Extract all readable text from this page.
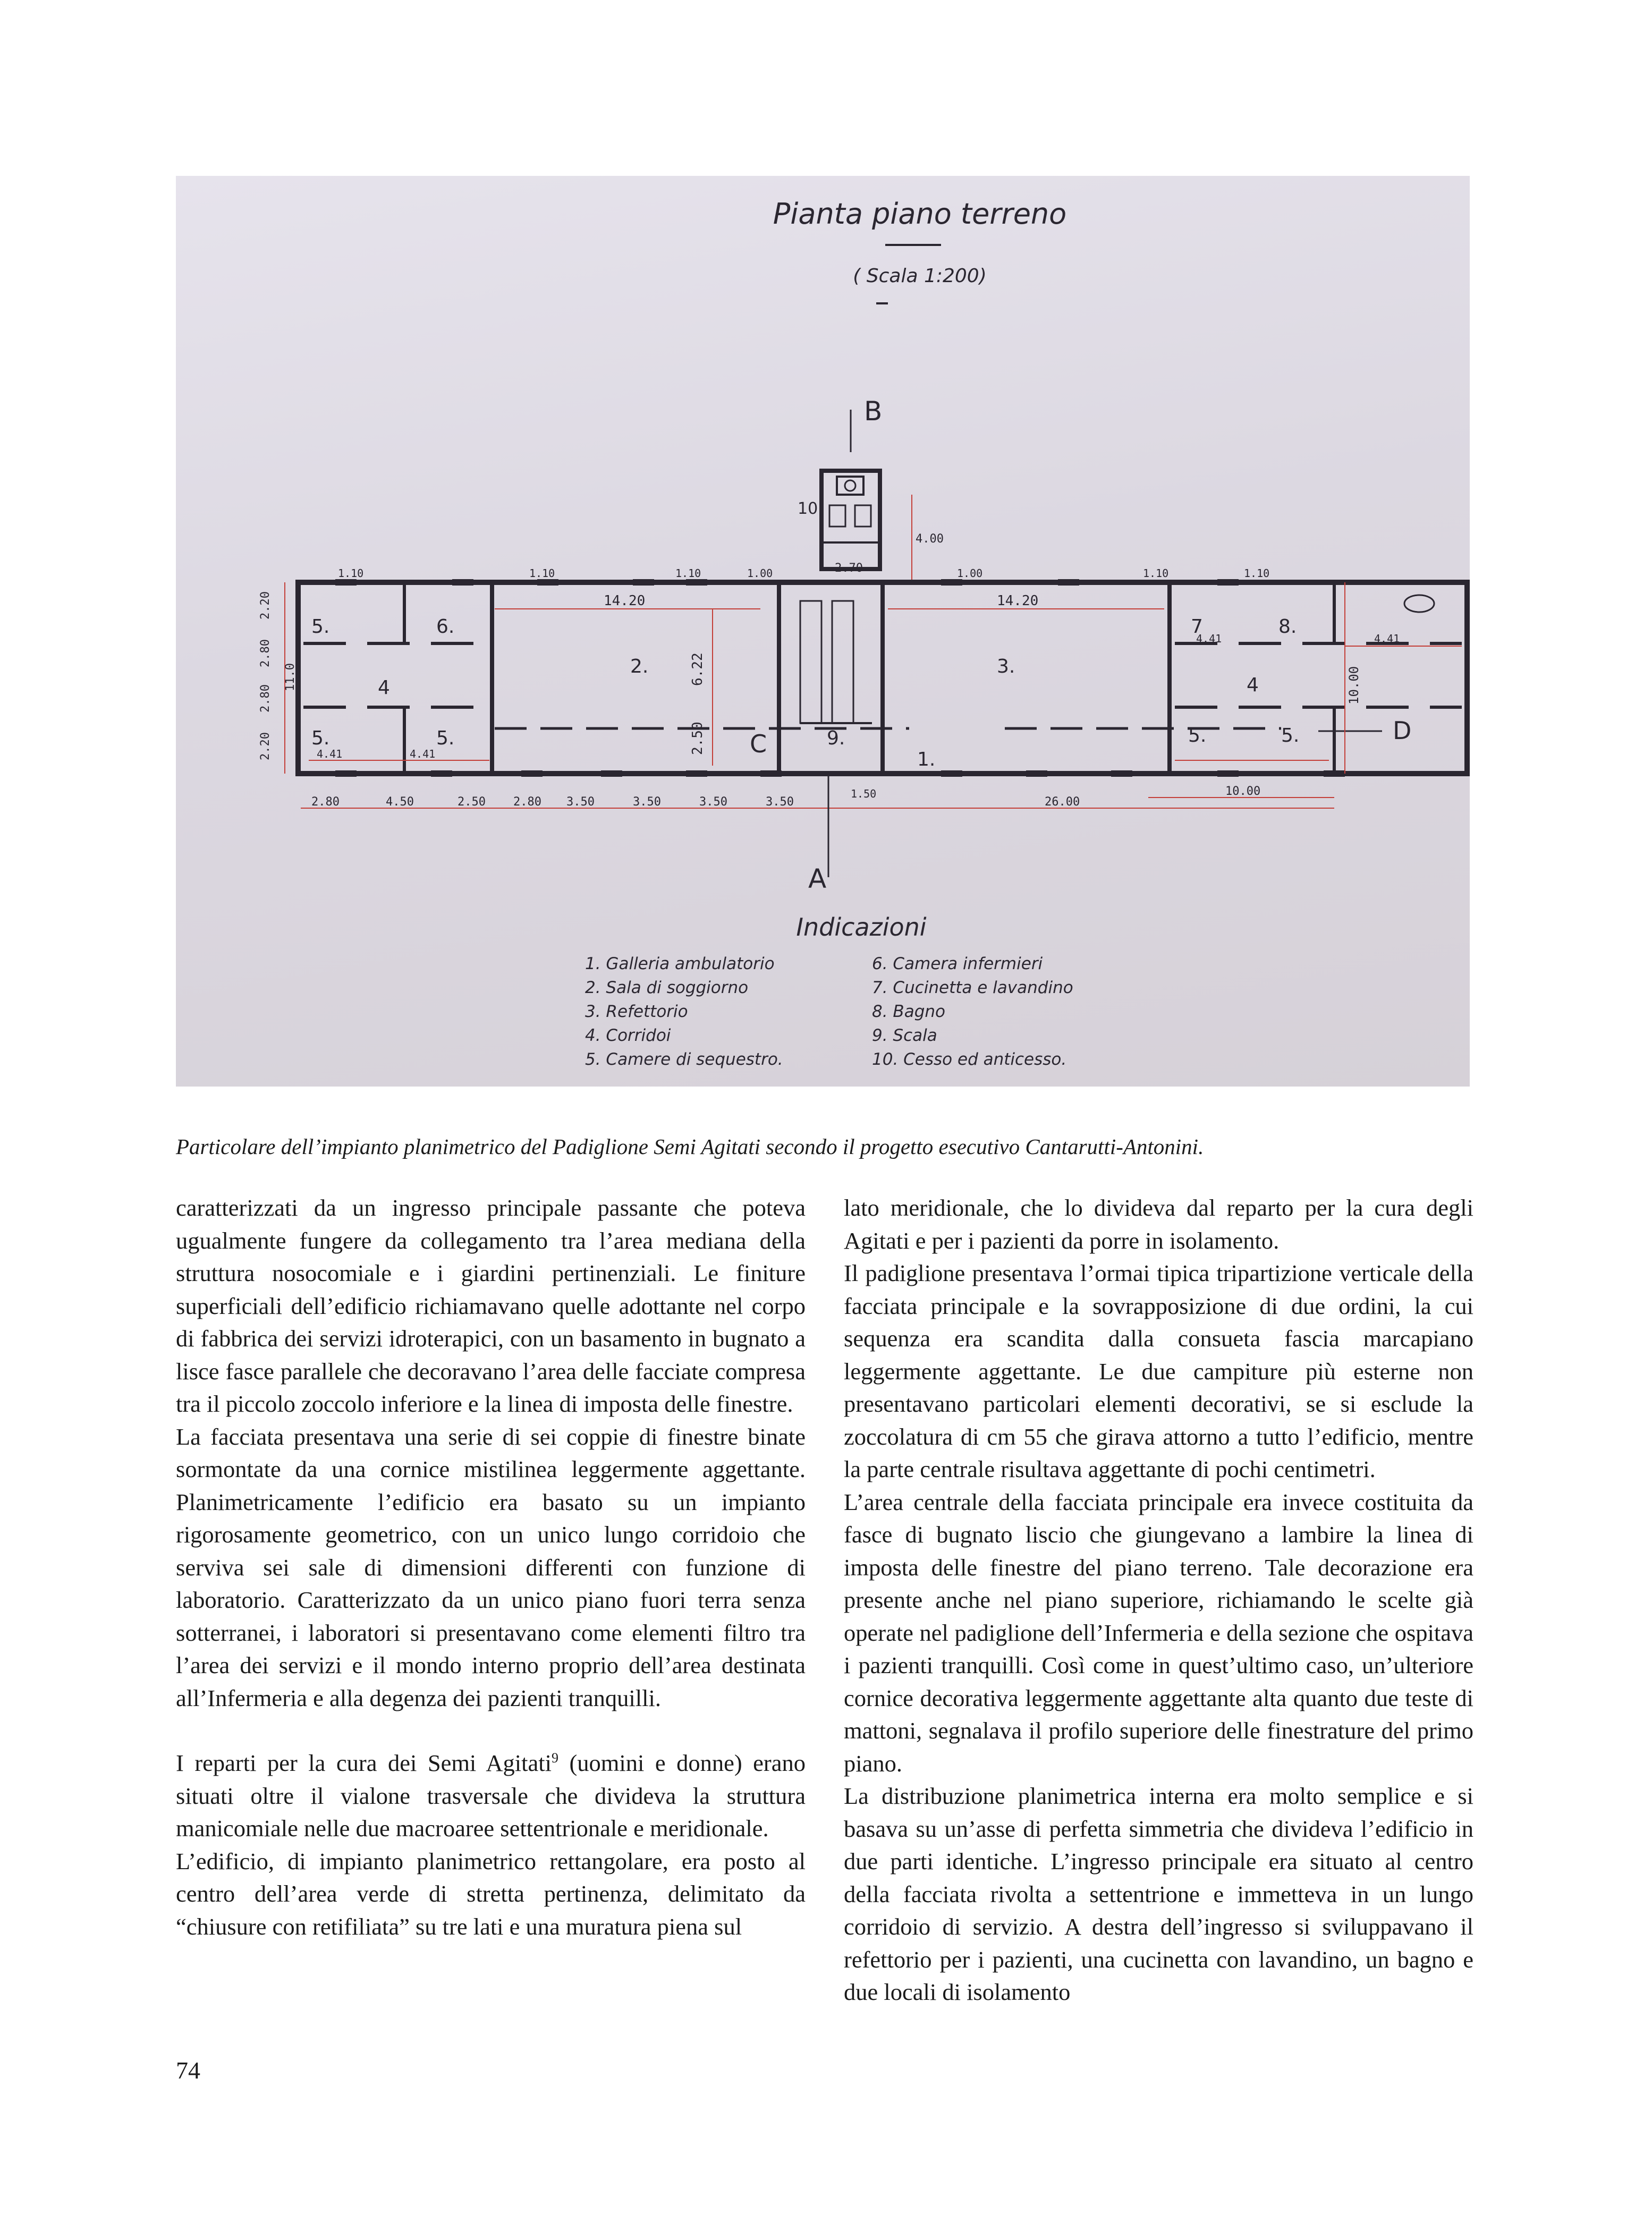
Pianta piano terreno
( Scala 1:200)
B
10.
4.00
2.70
1.10	1.10	1.10	1.00	1.00	1.10	1.10
14.20	14.20
6.22
2.50
4.41	4.41
4.41	4.41
1.50
1.
2.	3.
4	4
5.
5.	5.	5.	5.
6.	7	8.
9.
C	D
2.20
2.80
2.80
2.20
11.0	10.00
2.80	4.50	2.50 2.80 3.50	3.50	3.50	3.50	26.00
10.00
A
Indicazioni
1. Galleria ambulatorio
2. Sala di soggiorno
3. Refettorio
4. Corridoi
5. Camere di sequestro.
6. Camera infermieri
7. Cucinetta e lavandino
8. Bagno
9. Scala
10. Cesso ed anticesso.
Particolare dell’impianto planimetrico del Padiglione Semi Agitati secondo il progetto esecutivo Cantarutti-Antonini.

caratterizzati da un ingresso principale passante che poteva ugualmente fungere da collegamento tra l’area mediana della struttura nosocomiale e i giardini pertinenziali. Le finiture superficiali dell’edificio richiamavano quelle adottante nel corpo di fabbrica dei servizi idroterapici, con un basamento in bugnato a lisce fasce parallele che decoravano l’area delle facciate compresa tra il piccolo zoccolo inferiore e la linea di imposta delle finestre.

La facciata presentava una serie di sei coppie di finestre binate sormontate da una cornice mistilinea leggermente aggettante. Planimetricamente l’edificio era basato su un impianto rigorosamente geometrico, con un unico lungo corridoio che serviva sei sale di dimensioni differenti con funzione di laboratorio. Caratterizzato da un unico piano fuori terra senza sotterranei, i laboratori si presentavano come elementi filtro tra l’area dei servizi e il mondo interno proprio dell’area destinata all’Infermeria e alla degenza dei pazienti tranquilli.

I reparti per la cura dei Semi Agitati$^9$ (uomini e donne) erano situati oltre il vialone trasversale che divideva la struttura manicomiale nelle due macroaree settentrionale e meridionale.

L’edificio, di impianto planimetrico rettangolare, era posto al centro dell’area verde di stretta pertinenza, delimitato da “chiusure con retifiliata” su tre lati e una muratura piena sul

lato meridionale, che lo divideva dal reparto per la cura degli Agitati e per i pazienti da porre in isolamento.

Il padiglione presentava l’ormai tipica tripartizione verticale della facciata principale e la sovrapposizione di due ordini, la cui sequenza era scandita dalla consueta fascia marcapiano leggermente aggettante. Le due campiture più esterne non presentavano particolari elementi decorativi, se si esclude la zoccolatura di cm 55 che girava attorno a tutto l’edificio, mentre la parte centrale risultava aggettante di pochi centimetri.

L’area centrale della facciata principale era invece costituita da fasce di bugnato liscio che giungevano a lambire la linea di imposta delle finestre del piano terreno. Tale decorazione era presente anche nel piano superiore, richiamando le scelte già operate nel padiglione dell’Infermeria e della sezione che ospitava i pazienti tranquilli. Così come in quest’ultimo caso, un’ulteriore cornice decorativa leggermente aggettante alta quanto due teste di mattoni, segnalava il profilo superiore delle finestrature del primo piano.

La distribuzione planimetrica interna era molto semplice e si basava su un’asse di perfetta simmetria che divideva l’edificio in due parti identiche. L’ingresso principale era situato al centro della facciata rivolta a settentrione e immetteva in un lungo corridoio di servizio. A destra dell’ingresso si sviluppavano il refettorio per i pazienti, una cucinetta con lavandino, un bagno e due locali di isolamento

74
